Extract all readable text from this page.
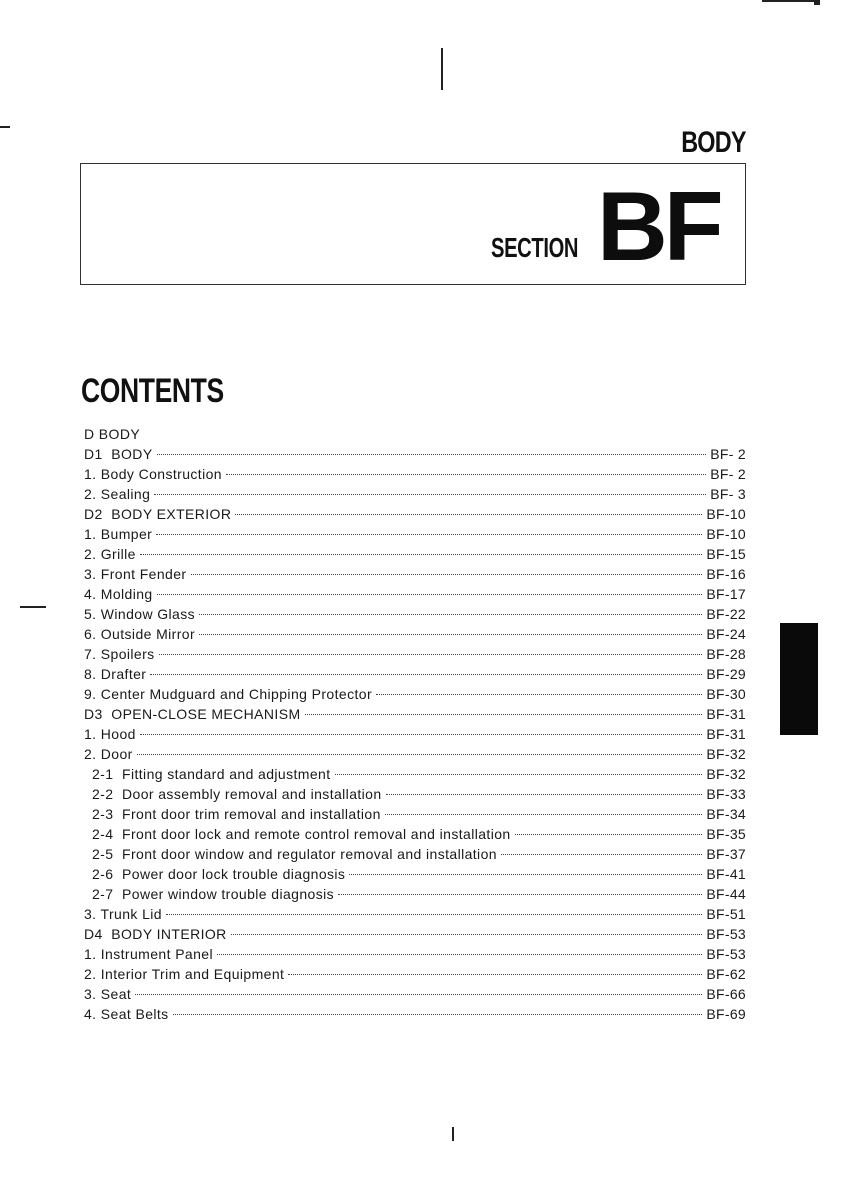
BODY
SECTION BF
CONTENTS
D BODY
D1  BODY	BF- 2
1. Body Construction	BF- 2
2. Sealing	BF- 3
D2  BODY EXTERIOR	BF-10
1. Bumper	BF-10
2. Grille	BF-15
3. Front Fender	BF-16
4. Molding	BF-17
5. Window Glass	BF-22
6. Outside Mirror	BF-24
7. Spoilers	BF-28
8. Drafter	BF-29
9. Center Mudguard and Chipping Protector	BF-30
D3  OPEN-CLOSE MECHANISM	BF-31
1. Hood	BF-31
2. Door	BF-32
2-1  Fitting standard and adjustment	BF-32
2-2  Door assembly removal and installation	BF-33
2-3  Front door trim removal and installation	BF-34
2-4  Front door lock and remote control removal and installation	BF-35
2-5  Front door window and regulator removal and installation	BF-37
2-6  Power door lock trouble diagnosis	BF-41
2-7  Power window trouble diagnosis	BF-44
3. Trunk Lid	BF-51
D4  BODY INTERIOR	BF-53
1. Instrument Panel	BF-53
2. Interior Trim and Equipment	BF-62
3. Seat	BF-66
4. Seat Belts	BF-69
